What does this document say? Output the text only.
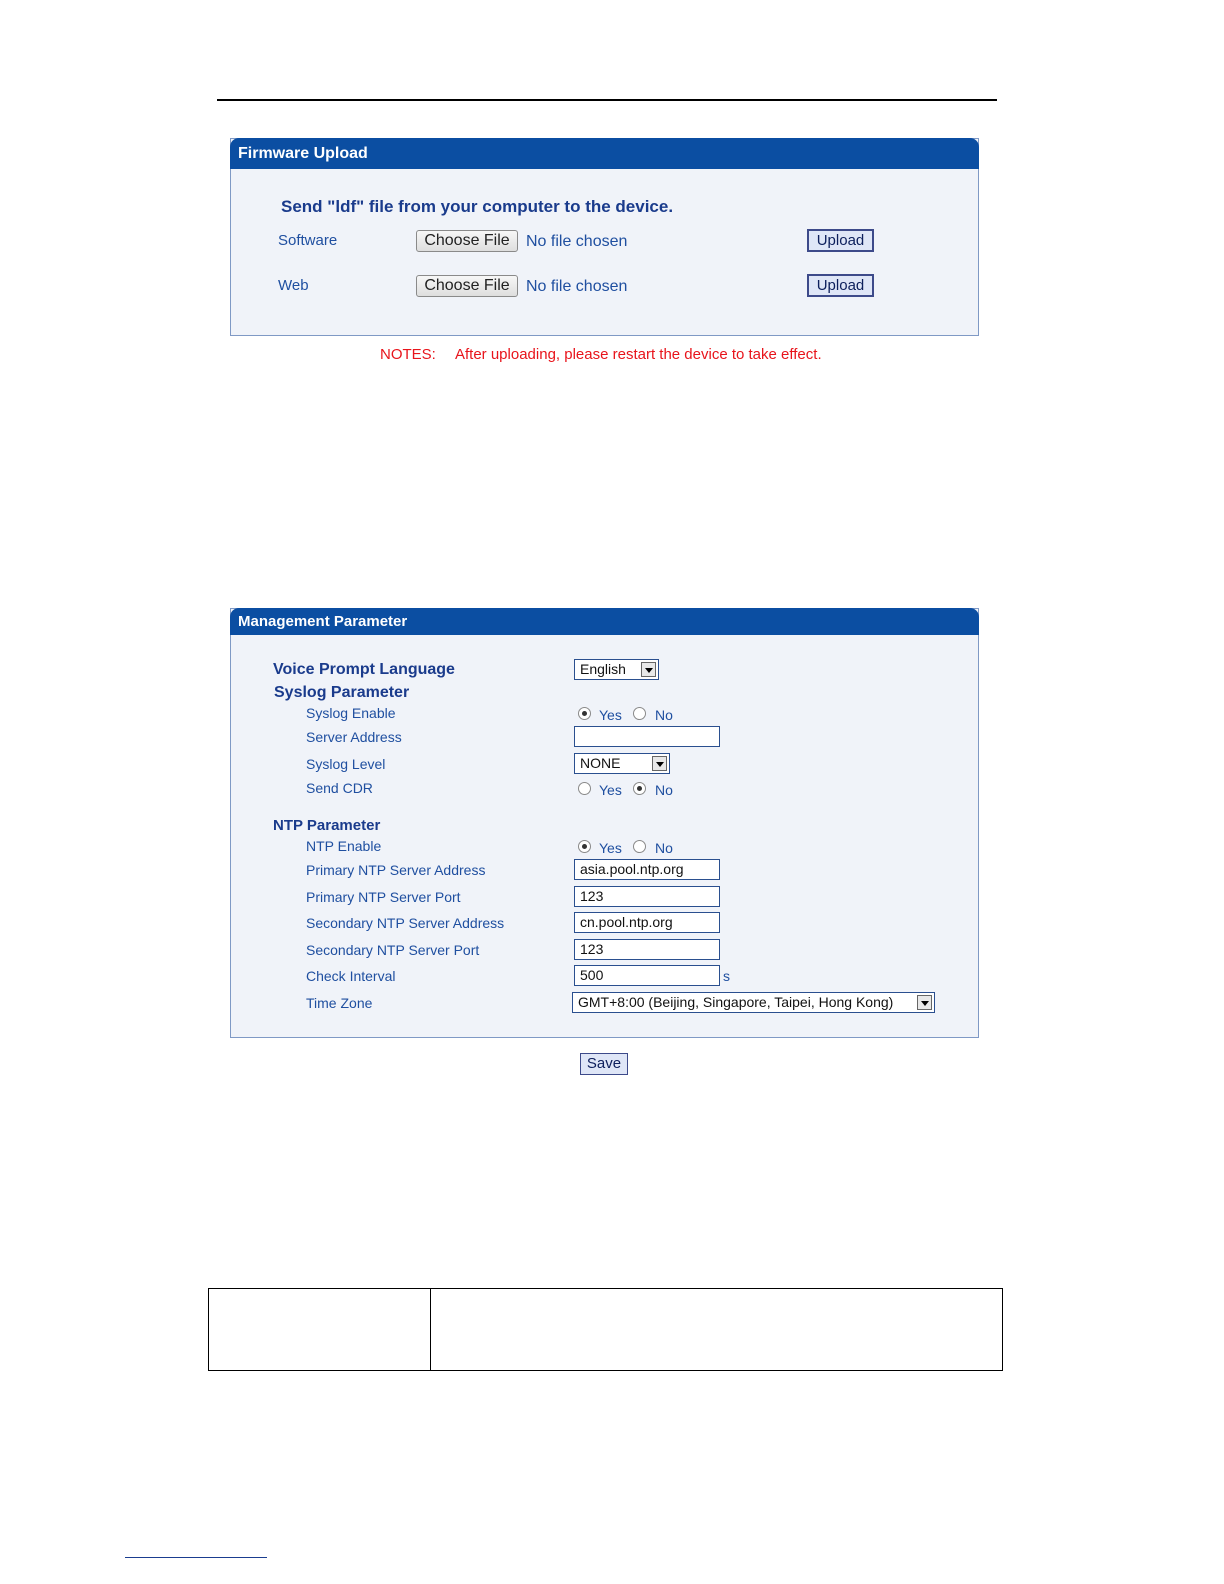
Firmware Upload
Send "ldf" file from your computer to the device.
Software	Choose File	No file chosen	Upload
Web	Choose File	No file chosen	Upload
NOTES: After uploading, please restart the device to take effect.
Management Parameter
Voice Prompt Language	English
Syslog Parameter
Syslog Enable	Yes No
Server Address
Syslog Level	NONE
Send CDR	Yes No
NTP Parameter
NTP Enable	Yes No
Primary NTP Server Address	asia.pool.ntp.org
Primary NTP Server Port	123
Secondary NTP Server Address	cn.pool.ntp.org
Secondary NTP Server Port	123
Check Interval	500	s
Time Zone	GMT+8:00 (Beijing, Singapore, Taipei, Hong Kong)
Save
